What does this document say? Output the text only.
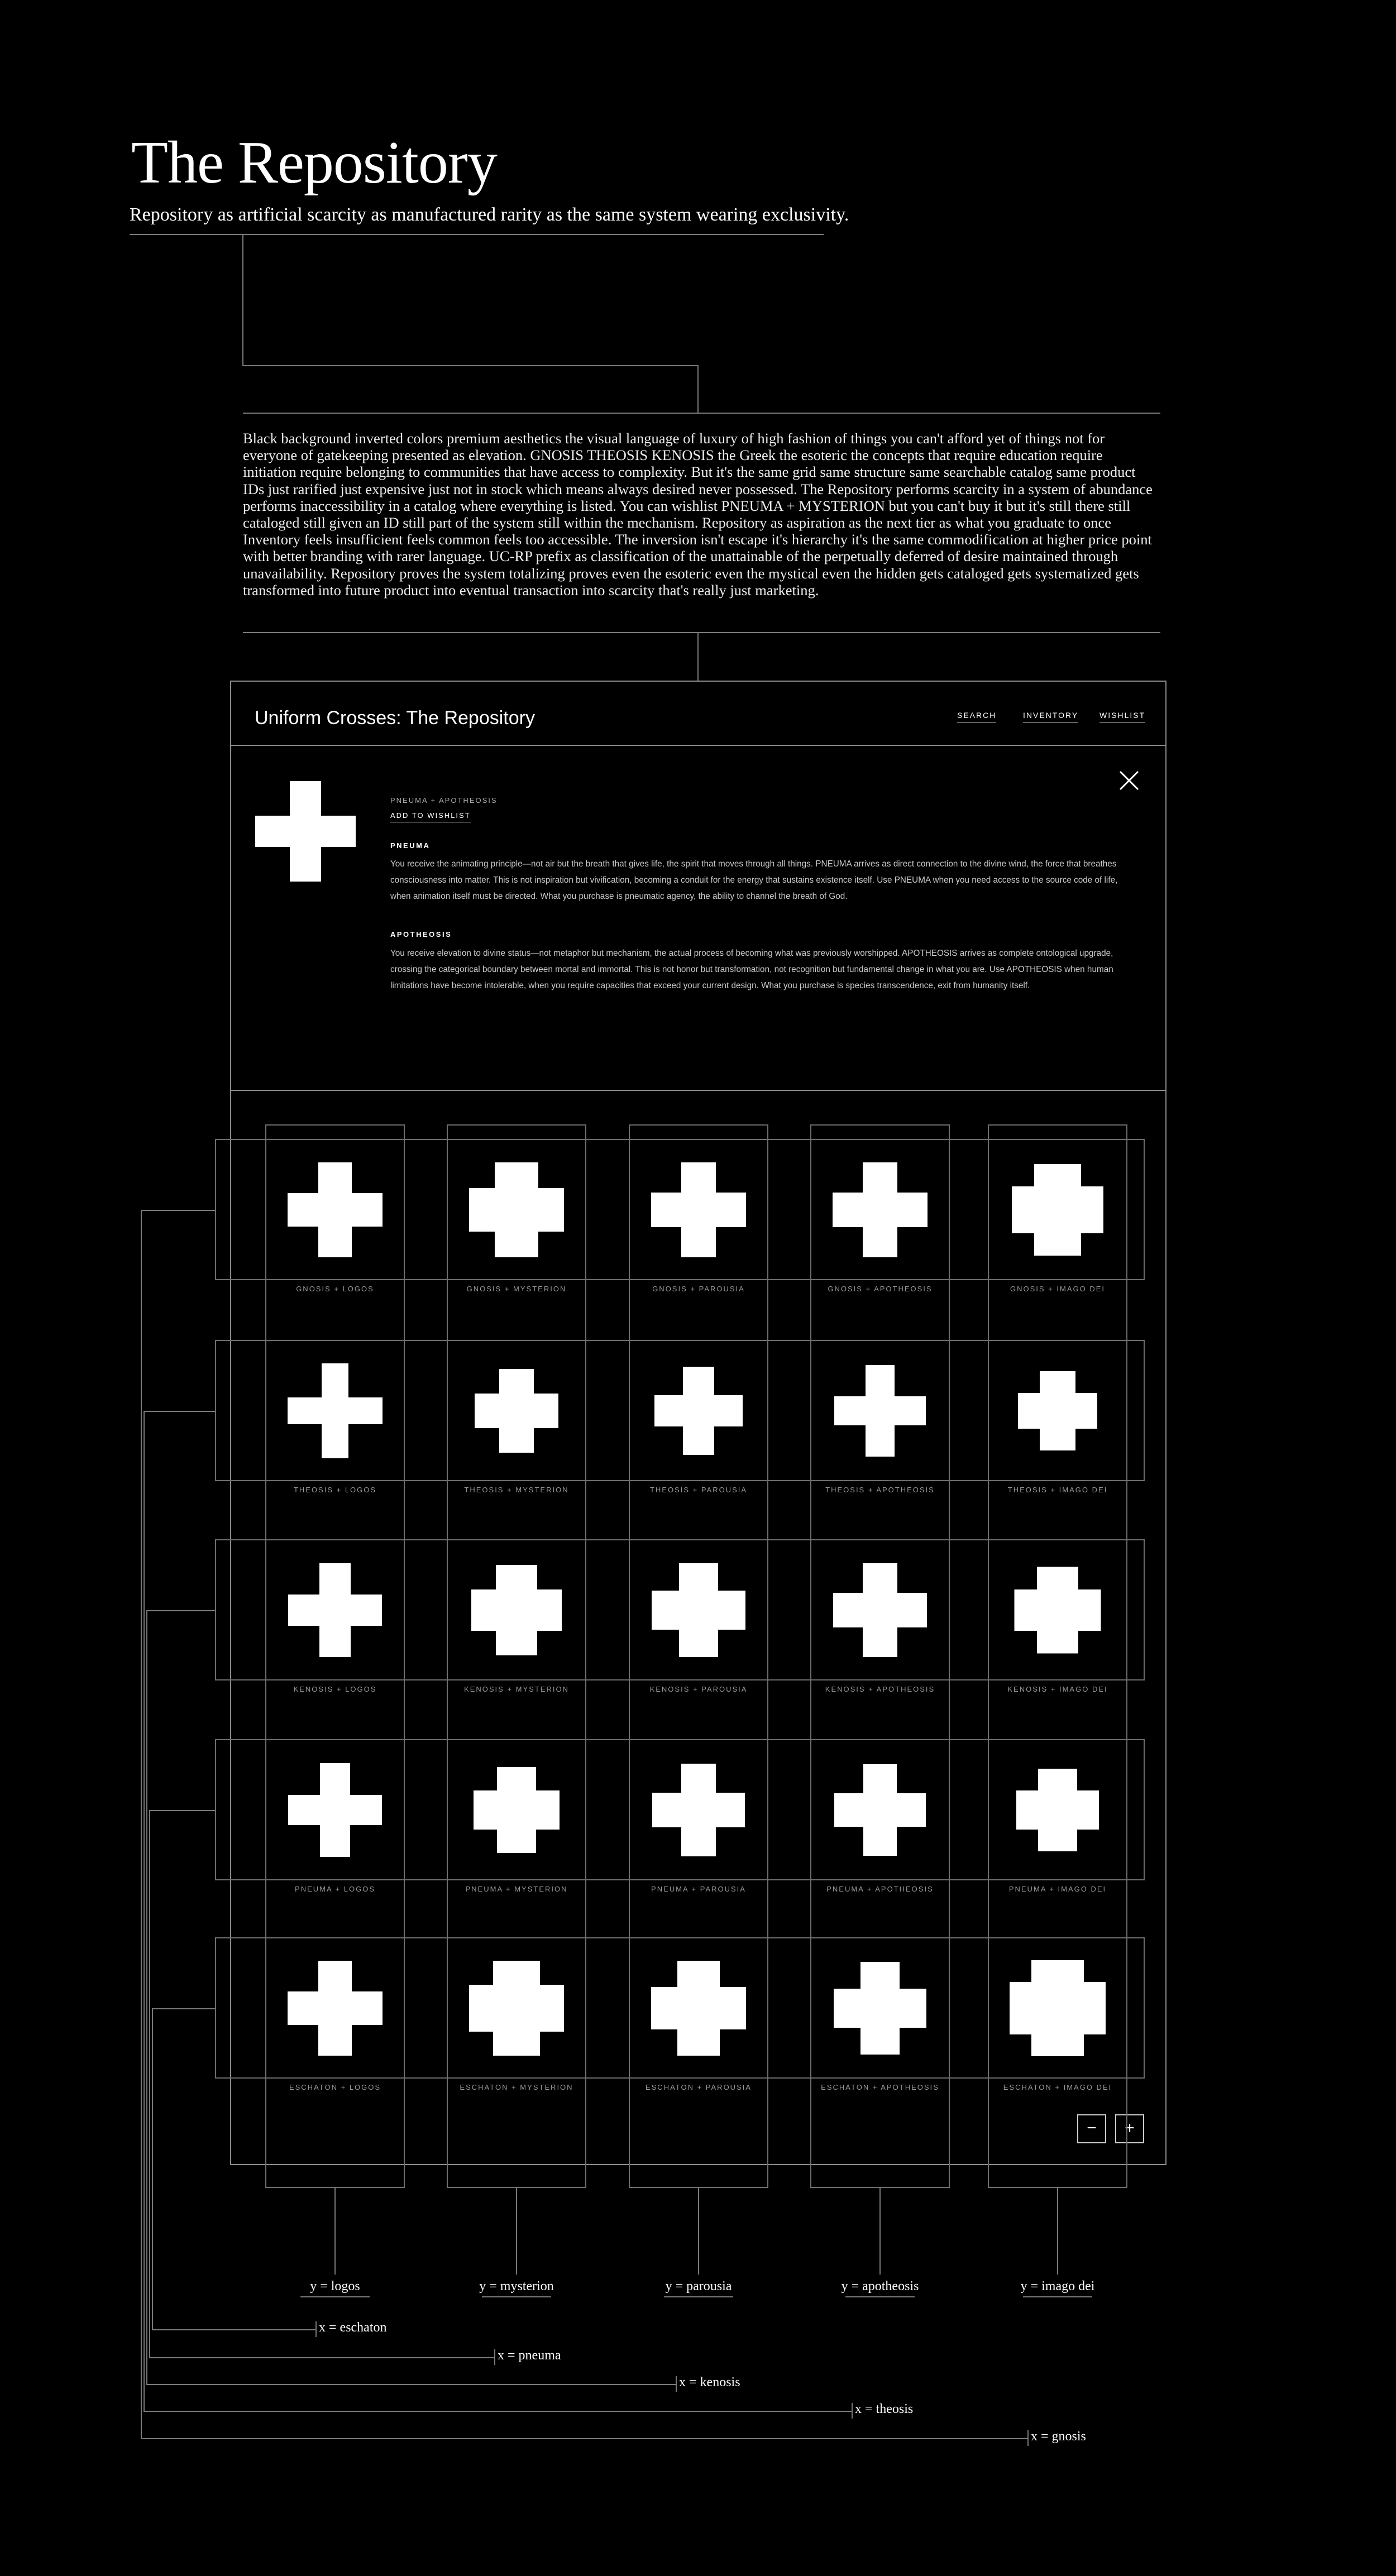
The Repository

Repository as artificial scarcity as manufactured rarity as the same system wearing exclusivity.

Black background inverted colors premium aesthetics the visual language of luxury of high fashion of things you can't afford yet of things not for everyone of gatekeeping presented as elevation. GNOSIS THEOSIS KENOSIS the Greek the esoteric the concepts that require education require initiation require belonging to communities that have access to complexity. But it's the same grid same structure same searchable catalog same product IDs just rarified just expensive just not in stock which means always desired never possessed. The Repository performs scarcity in a system of abundance performs inaccessibility in a catalog where everything is listed. You can wishlist PNEUMA + MYSTERION but you can't buy it but it's still there still cataloged still given an ID still part of the system still within the mechanism. Repository as aspiration as the next tier as what you graduate to once Inventory feels insufficient feels common feels too accessible. The inversion isn't escape it's hierarchy it's the same commodification at higher price point with better branding with rarer language. UC-RP prefix as classification of the unattainable of the perpetually deferred of desire maintained through unavailability. Repository proves the system totalizing proves even the esoteric even the mystical even the hidden gets cataloged gets systematized gets transformed into future product into eventual transaction into scarcity that's really just marketing.

Uniform Crosses: The Repository	SEARCH	INVENTORY	WISHLIST
PNEUMA + APOTHEOSIS
ADD TO WISHLIST
PNEUMA

You receive the animating principle—not air but the breath that gives life, the spirit that moves through all things. PNEUMA arrives as direct connection to the divine wind, the force that breathes consciousness into matter. This is not inspiration but vivification, becoming a conduit for the energy that sustains existence itself. Use PNEUMA when you need access to the source code of life, when animation itself must be directed. What you purchase is pneumatic agency, the ability to channel the breath of God.

APOTHEOSIS

You receive elevation to divine status—not metaphor but mechanism, the actual process of becoming what was previously worshipped. APOTHEOSIS arrives as complete ontological upgrade, crossing the categorical boundary between mortal and immortal. This is not honor but transformation, not recognition but fundamental change in what you are. Use APOTHEOSIS when human limitations have become intolerable, when you require capacities that exceed your current design. What you purchase is species transcendence, exit from humanity itself.

−	+
GNOSIS + LOGOS	GNOSIS + MYSTERION	GNOSIS + PAROUSIA	GNOSIS + APOTHEOSIS	GNOSIS + IMAGO DEI
THEOSIS + LOGOS	THEOSIS + MYSTERION	THEOSIS + PAROUSIA	THEOSIS + APOTHEOSIS	THEOSIS + IMAGO DEI
KENOSIS + LOGOS	KENOSIS + MYSTERION	KENOSIS + PAROUSIA	KENOSIS + APOTHEOSIS	KENOSIS + IMAGO DEI
PNEUMA + LOGOS	PNEUMA + MYSTERION	PNEUMA + PAROUSIA	PNEUMA + APOTHEOSIS	PNEUMA + IMAGO DEI
ESCHATON + LOGOS	ESCHATON + MYSTERION	ESCHATON + PAROUSIA	ESCHATON + APOTHEOSIS	ESCHATON + IMAGO DEI
y = logos	y = mysterion	y = parousia	y = apotheosis	y = imago dei
x = eschaton
x = pneuma
x = kenosis
x = theosis
x = gnosis
